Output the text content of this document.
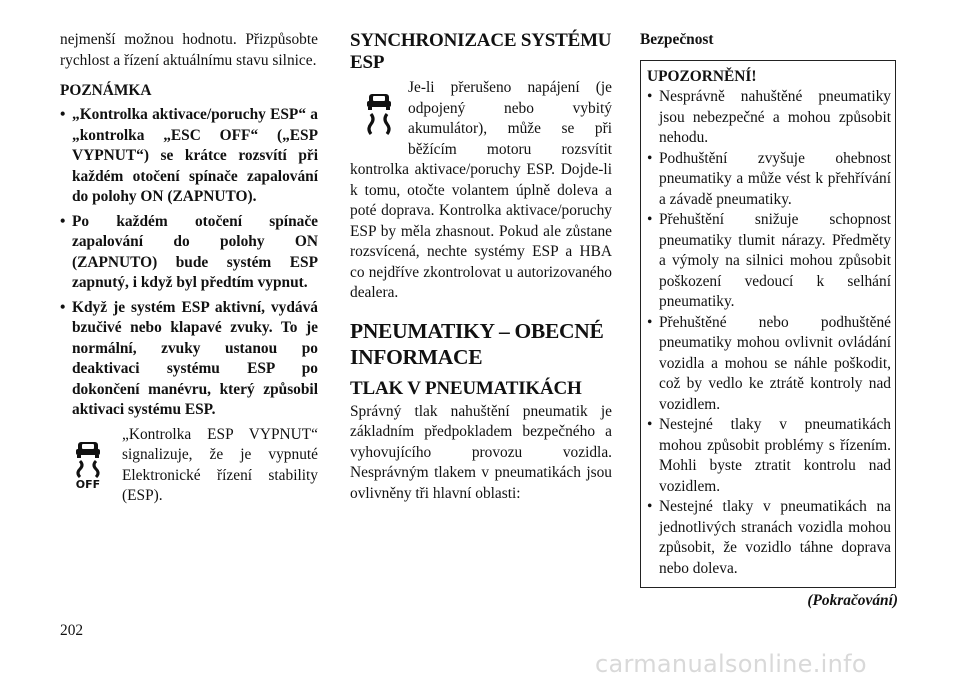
nejmenší možnou hodnotu. Přizpůsobte rychlost a řízení aktuálnímu stavu silnice.

POZNÁMKA

• „Kontrolka aktivace/poruchy ESP“ a „kontrolka „ESC OFF“ („ESP VYPNUT“) se krátce rozsvítí při každém otočení spínače zapalování do polohy ON (ZAPNUTO).
• Po každém otočení spínače zapalování do polohy ON (ZAPNUTO) bude systém ESP zapnutý, i když byl předtím vypnut.
• Když je systém ESP aktivní, vydává bzučivé nebo klapavé zvuky. To je normální, zvuky ustanou po deaktivaci systému ESP po dokončení manévru, který způsobil aktivaci systému ESP.
OFF

„Kontrolka ESP VYPNUT“ signalizuje, že je vypnuté Elektronické řízení stability (ESP).

SYNCHRONIZACE SYSTÉMU ESP

Je-li přerušeno napájení (je odpojený nebo vybitý akumulátor), může se při běžícím motoru rozsvítit kontrolka aktivace/poruchy ESP. Dojde-li k tomu, otočte volantem úplně doleva a poté doprava. Kontrolka aktivace/poruchy ESP by měla zhasnout. Pokud ale zůstane rozsvícená, nechte systémy ESP a HBA co nejdříve zkontrolovat u autorizovaného dealera.

PNEUMATIKY – OBECNÉ INFORMACE
TLAK V PNEUMATIKÁCH

Správný tlak nahuštění pneumatik je základním předpokladem bezpečného a vyhovujícího provozu vozidla. Nesprávným tlakem v pneumatikách jsou ovlivněny tři hlavní oblasti:

Bezpečnost

UPOZORNĚNÍ!
• Nesprávně nahuštěné pneumatiky jsou nebezpečné a mohou způsobit nehodu.
• Podhuštění zvyšuje ohebnost pneumatiky a může vést k přehřívání a závadě pneumatiky.
• Přehuštění snižuje schopnost pneumatiky tlumit nárazy. Předměty a výmoly na silnici mohou způsobit poškození vedoucí k selhání pneumatiky.
• Přehuštěné nebo podhuštěné pneumatiky mohou ovlivnit ovládání vozidla a mohou se náhle poškodit, což by vedlo ke ztrátě kontroly nad vozidlem.
• Nestejné tlaky v pneumatikách mohou způsobit problémy s řízením. Mohli byste ztratit kontrolu nad vozidlem.
• Nestejné tlaky v pneumatikách na jednotlivých stranách vozidla mohou způsobit, že vozidlo táhne doprava nebo doleva.
(Pokračování)
202
carmanualsonline.info
